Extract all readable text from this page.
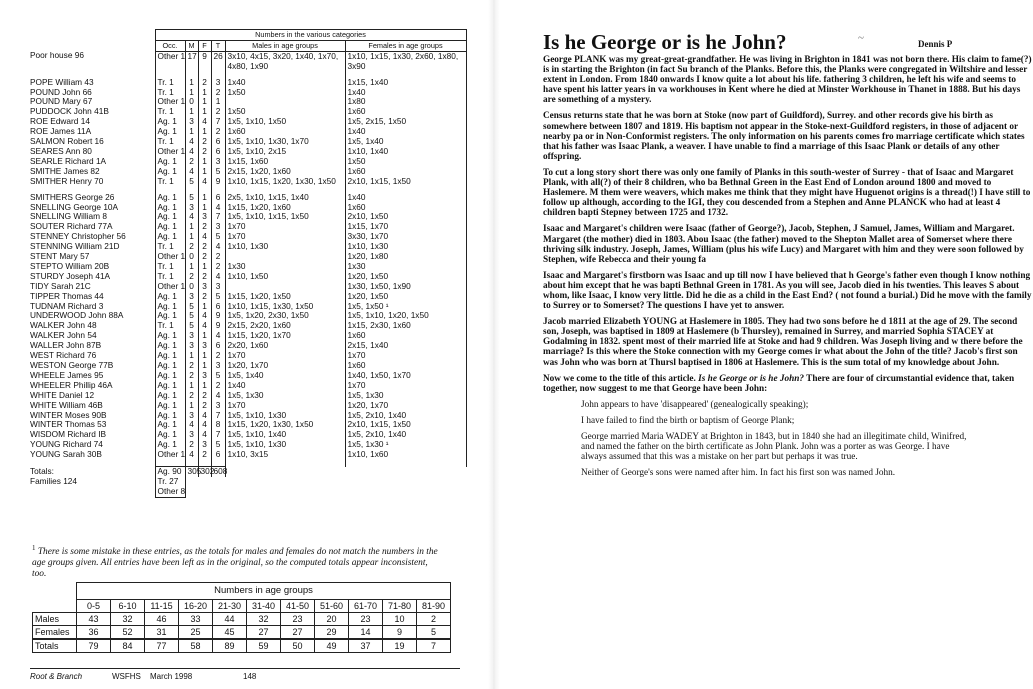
	Numbers in the various categories					
	Occ.	M	F	T	Males in age groups	Females in age groups
Poor house 96	Other 1	17	9	26	3x10, 4x15, 3x20, 1x40, 1x70, 4x80, 1x90	1x10, 1x15, 1x30, 2x60, 1x80, 3x90

POPE William 43	Tr. 1	1	2	3	1x40	1x15, 1x40
POUND John 66	Tr. 1	1	1	2	1x50	1x40
POUND Mary 67	Other 1	0	1	1		1x80
PUDDOCK John 41B	Tr. 1	1	1	2	1x50	1x60
ROE Edward 14	Ag. 1	3	4	7	1x5, 1x10, 1x50	1x5, 2x15, 1x50
ROE James 11A	Ag. 1	1	1	2	1x60	1x40
SALMON Robert 16	Tr. 1	4	2	6	1x5, 1x10, 1x30, 1x70	1x5, 1x40
SEARES Ann 80	Other 1	4	2	6	1x5, 1x10, 2x15	1x10, 1x40
SEARLE Richard 1A	Ag. 1	2	1	3	1x15, 1x60	1x50
SMITHE James 82	Ag. 1	4	1	5	2x15, 1x20, 1x60	1x60
SMITHER Henry 70	Tr. 1	5	4	9	1x10, 1x15, 1x20, 1x30, 1x50	2x10, 1x15, 1x50

SMITHERS George 26	Ag. 1	5	1	6	2x5, 1x10, 1x15, 1x40	1x40
SNELLING George 10A	Ag. 1	3	1	4	1x15, 1x20, 1x60	1x60
SNELLING William 8	Ag. 1	4	3	7	1x5, 1x10, 1x15, 1x50	2x10, 1x50
SOUTER Richard 77A	Ag. 1	1	2	3	1x70	1x15, 1x70
STENNEY Christopher 56	Ag. 1	1	4	5	1x70	3x30, 1x70
STENNING William 21D	Tr. 1	2	2	4	1x10, 1x30	1x10, 1x30
STENT Mary 57	Other 1	0	2	2		1x20, 1x80
STEPTO William 20B	Tr. 1	1	1	2	1x30	1x30
STURDY Joseph 41A	Tr. 1	2	2	4	1x10, 1x50	1x20, 1x50
TIDY Sarah 21C	Other 1	0	3	3		1x30, 1x50, 1x90
TIPPER Thomas 44	Ag. 1	3	2	5	1x15, 1x20, 1x50	1x20, 1x50
TUDNAM Richard 3	Ag. 1	5	1	6	1x10, 1x15, 1x30, 1x50	1x5, 1x50 ¹
UNDERWOOD John 88A	Ag. 1	5	4	9	1x5, 1x20, 2x30, 1x50	1x5, 1x10, 1x20, 1x50
WALKER John 48	Tr. 1	5	4	9	2x15, 2x20, 1x60	1x15, 2x30, 1x60
WALKER John 54	Ag. 1	3	1	4	1x15, 1x20, 1x70	1x60
WALLER John 87B	Ag. 1	3	3	6	2x20, 1x60	2x15, 1x40
WEST Richard 76	Ag. 1	1	1	2	1x70	1x70
WESTON George 77B	Ag. 1	2	1	3	1x20, 1x70	1x60
WHEELE James 95	Ag. 1	2	3	5	1x5, 1x40	1x40, 1x50, 1x70
WHEELER Phillip 46A	Ag. 1	1	1	2	1x40	1x70
WHITE Daniel 12	Ag. 1	2	2	4	1x5, 1x30	1x5, 1x30
WHITE William 46B	Ag. 1	1	2	3	1x70	1x20, 1x70
WINTER Moses 90B	Ag. 1	3	4	7	1x5, 1x10, 1x30	1x5, 2x10, 1x40
WINTER Thomas 53	Ag. 1	4	4	8	1x15, 1x20, 1x30, 1x50	2x10, 1x15, 1x50
WISDOM Richard IB	Ag. 1	3	4	7	1x5, 1x10, 1x40	1x5, 2x10, 1x40
YOUNG Richard 74	Ag. 1	2	3	5	1x5, 1x10, 1x30	1x5, 1x30 ¹
YOUNG Sarah 30B	Other 1	4	2	6	1x10, 3x15	1x10, 1x60

Totals:	Ag. 90	305	302	608		
Families 124	Tr. 27					
	Other 8					
$^1$ There is some mistake in these entries, as the totals for males and females do not match the numbers in the age groups given. All entries have been left as in the original, so the computed totals appear inconsistent, too.
	Numbers in age groups										
	0-5	6-10	11-15	16-20	21-30	31-40	41-50	51-60	61-70	71-80	81-90
Males	43	32	46	33	44	32	23	20	23	10	2
Females	36	52	31	25	45	27	27	29	14	9	5
Totals	79	84	77	58	89	59	50	49	37	19	7
Root & Branch	WSFHS March 1998	148
Is he George or is he John?	~	Dennis P

George PLANK was my great-great-grandfather. He was living in Brighton in 1841 was not born there. His claim to fame(?) is in starting the Brighton (in fact Su branch of the Planks. Before this, the Planks were congregated in Wiltshire and lesser extent in London. From 1840 onwards I know quite a lot about his life. fathering 3 children, he left his wife and seems to have spent his latter years in va workhouses in Kent where he died at Minster Workhouse in Thanet in 1888. But his days are something of a mystery.

Census returns state that he was born at Stoke (now part of Guildford), Surrey. and other records give his birth as somewhere between 1807 and 1819. His baptism not appear in the Stoke-next-Guildford registers, in those of adjacent or nearby pa or in Non-Conformist registers. The only information on his parents comes fro marriage certificate which states that his father was Isaac Plank, a weaver. I have unable to find a marriage of this Isaac Plank or details of any other offspring.

To cut a long story short there was only one family of Planks in this south-wester of Surrey - that of Isaac and Margaret Plank, with all(?) of their 8 children, who ba Bethnal Green in the East End of London around 1800 and moved to Haslemere. M them were weavers, which makes me think that they might have Huguenot origins is a thread(!) I have still to follow up although, according to the IGI, they cou descended from a Stephen and Anne PLANCK who had at least 4 children bapti Stepney between 1725 and 1732.

Isaac and Margaret's children were Isaac (father of George?), Jacob, Stephen, J Samuel, James, William and Margaret. Margaret (the mother) died in 1803. Abou Isaac (the father) moved to the Shepton Mallet area of Somerset where there thriving silk industry. Joseph, James, William (plus his wife Lucy) and Margaret with him and they were soon followed by Stephen, wife Rebecca and their young fa

Isaac and Margaret's firstborn was Isaac and up till now I have believed that h George's father even though I know nothing about him except that he was bapti Bethnal Green in 1781. As you will see, Jacob died in his twenties. This leaves S about whom, like Isaac, I know very little. Did he die as a child in the East End? ( not found a burial.) Did he move with the family to Surrey or to Somerset? The questions I have yet to answer.

Jacob married Elizabeth YOUNG at Haslemere in 1805. They had two sons before he d 1811 at the age of 29. The second son, Joseph, was baptised in 1809 at Haslemere (b Thursley), remained in Surrey, and married Sophia STACEY at Godalming in 1832. spent most of their married life at Stoke and had 9 children. Was Joseph living and w there before the marriage? Is this where the Stoke connection with my George comes ir what about the John of the title? Jacob's first son was John who was born at Thursl baptised in 1806 at Haslemere. This is the sum total of my knowledge about John.

Now we come to the title of this article. Is he George or is he John? There are four of circumstantial evidence that, taken together, now suggest to me that George have been John:

John appears to have 'disappeared' (genealogically speaking);

I have failed to find the birth or baptism of George Plank;

George married Maria WADEY at Brighton in 1843, but in 1840 she had an illegitimate child, Winifred, and named the father on the birth certificate as John Plank. John was a porter as was George. I have always assumed that this was a mistake on her part but perhaps it was true.

Neither of George's sons were named after him. In fact his first son was named John.
